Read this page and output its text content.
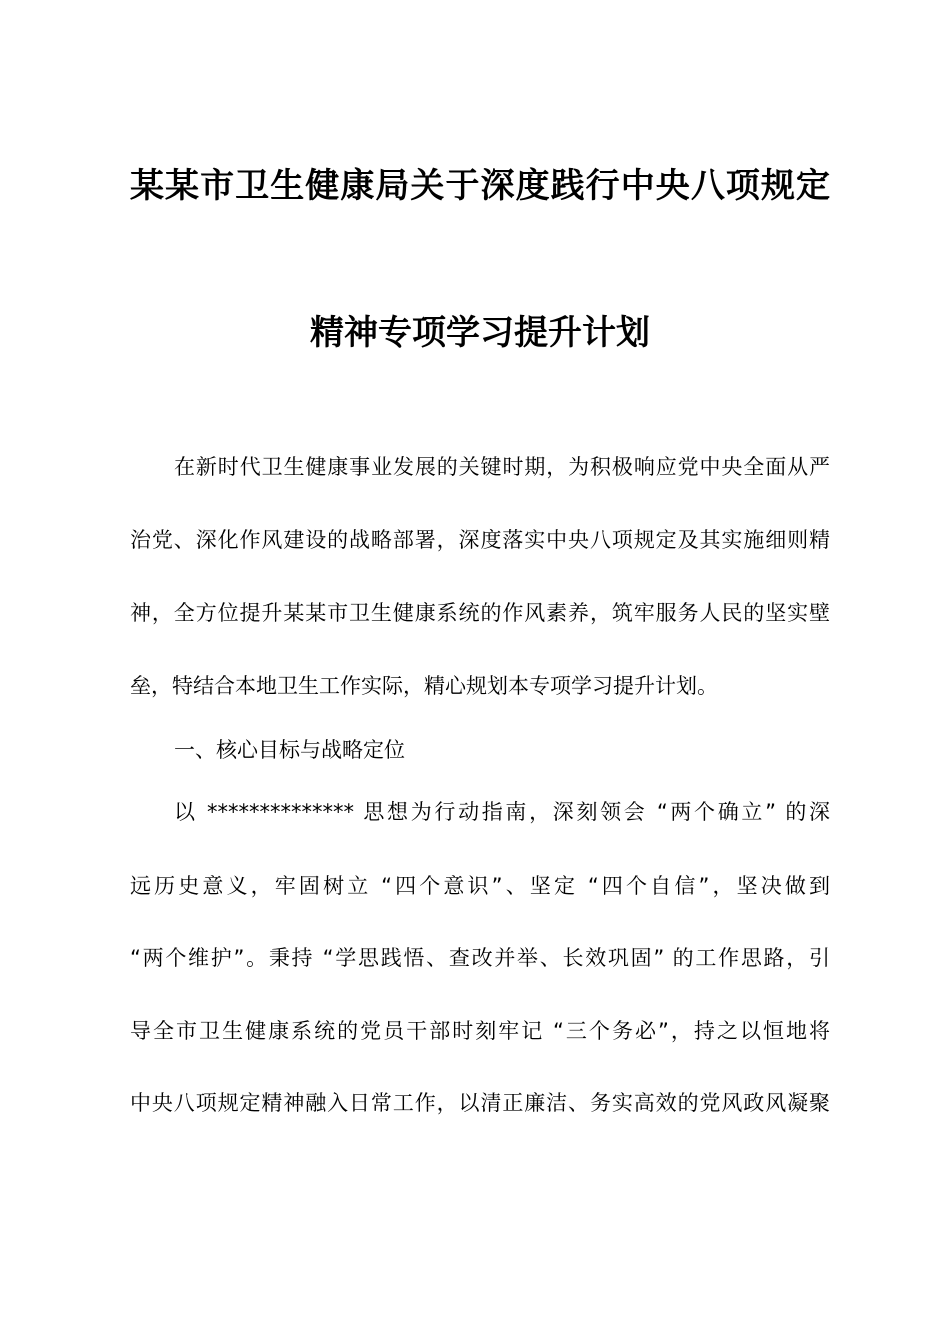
某某市卫生健康局关于深度践行中央八项规定
精神专项学习提升计划
在新时代卫生健康事业发展的关键时期，为积极响应党中央全面从严
治党、深化作风建设的战略部署，深度落实中央八项规定及其实施细则精
神，全方位提升某某市卫生健康系统的作风素养，筑牢服务人民的坚实壁
垒，特结合本地卫生工作实际，精心规划本专项学习提升计划。
一、核心目标与战略定位
以 ************** 思想为行动指南，深刻领会 “两个确立” 的深
远历史意义，牢固树立 “四个意识”、坚定 “四个自信”，坚决做到
“两个维护”。秉持 “学思践悟、查改并举、长效巩固” 的工作思路，引
导全市卫生健康系统的党员干部时刻牢记 “三个务必”，持之以恒地将
中央八项规定精神融入日常工作，以清正廉洁、务实高效的党风政风凝聚
